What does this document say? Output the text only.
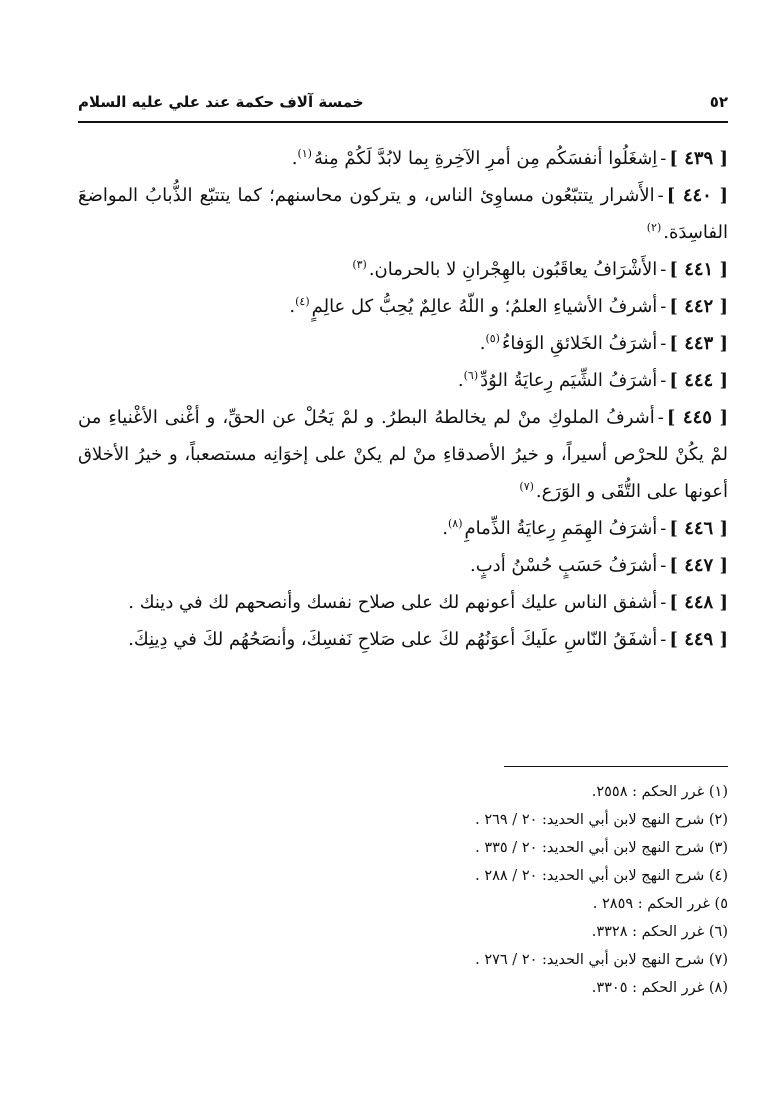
٥٢
خمسة آلاف حكمة عند علي عليه السلام

[ ٤٣٩ ]-اِشغَلُوا أنفسَكُم مِن أمرِ الآخِرةِ بِما لابُدَّ لَكُمْ مِنهُ$^{(١)}$.

[ ٤٤٠ ]-الأَشرار يتتبّعُون مساوِئ الناس، و يتركون محاسنهم؛ كما يتتبّع الذُّبابُ المواضعَ الفاسِدَة.$^{(٢)}$

[ ٤٤١ ]-الأَشْرَافُ يعاقَبُون بالهِجْرانِ لا بالحرمان.$^{(٣)}$

[ ٤٤٢ ]-أشرفُ الأشياءِ العلمُ؛ و اللّهُ عالِمٌ يُحِبُّ كل عالِمٍ$^{(٤)}$.

[ ٤٤٣ ]-أشرَفُ الخَلائقِ الوَفاءُ$^{(٥)}$.

[ ٤٤٤ ]-أشرَفُ الشِّيَم رِعايَةُ الوُدِّ$^{(٦)}$.

[ ٤٤٥ ]-أشرفُ الملوكِ منْ لم يخالطهُ البطرُ. و لمْ يَحُلْ عن الحقِّ، و أغْنى الأغْنياءِ من لمْ يكُنْ للحرْص أسيراً، و خيرُ الأصدقاءِ منْ لم يكنْ على إخوَانِه مستصعباً، و خيرُ الأخلاق أعونها على التُّقَى و الوَرَع.$^{(٧)}$

[ ٤٤٦ ]-أشرَفُ الهِمَمِ رِعايَةُ الذِّمامِ$^{(٨)}$.

[ ٤٤٧ ]-أشرَفُ حَسَبٍ حُسْنُ أدبٍ.

[ ٤٤٨ ]-أشفق الناس عليك أعونهم لك على صلاح نفسك وأنصحهم لك في دينك .

[ ٤٤٩ ]-أشفَقُ النّاسِ علَيكَ أعوَنُهُم لكَ على صَلاحِ نَفسِكَ، وأنصَحُهُم لكَ في دِينِكَ.

(١) غرر الحكم : ٢٥٥٨.
(٢) شرح النهج لابن أبي الحديد: ٢٠ / ٢٦٩ .
(٣) شرح النهج لابن أبي الحديد: ٢٠ / ٣٣٥ .
(٤) شرح النهج لابن أبي الحديد: ٢٠ / ٢٨٨ .
٥) غرر الحكم : ٢٨٥٩ .
(٦) غرر الحكم : ٣٣٢٨.
(٧) شرح النهج لابن أبي الحديد: ٢٠ / ٢٧٦ .
(٨) غرر الحكم : ٣٣٠٥.
